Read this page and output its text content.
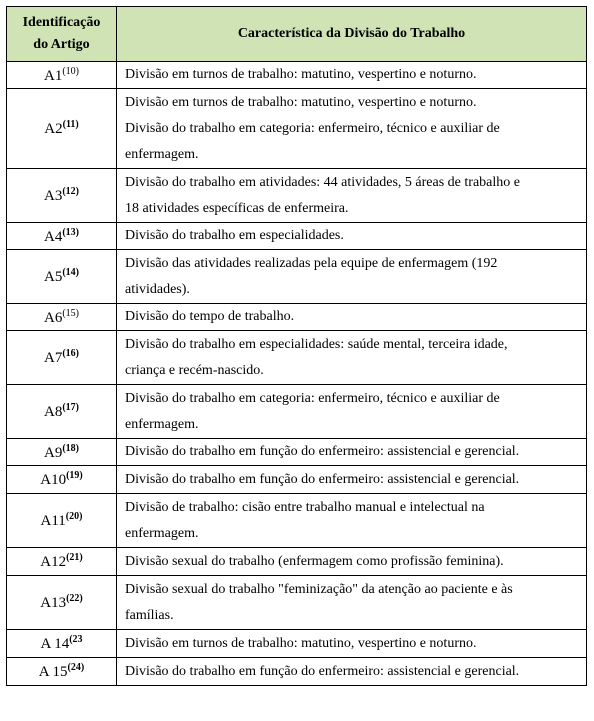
Identificação
do Artigo	Característica da Divisão do Trabalho
A1$^{(10)}$	Divisão em turnos de trabalho: matutino, vespertino e noturno.

A2$^{(11)}$	Divisão em turnos de trabalho: matutino, vespertino e noturno.
Divisão do trabalho em categoria: enfermeiro, técnico e auxiliar de
enfermagem.

A3$^{(12)}$	Divisão do trabalho em atividades: 44 atividades, 5 áreas de trabalho e
18 atividades específicas de enfermeira.

A4$^{(13)}$	Divisão do trabalho em especialidades.

A5$^{(14)}$	Divisão das atividades realizadas pela equipe de enfermagem (192
atividades).

A6$^{(15)}$	Divisão do tempo de trabalho.

A7$^{(16)}$	Divisão do trabalho em especialidades: saúde mental, terceira idade,
criança e recém-nascido.

A8$^{(17)}$	Divisão do trabalho em categoria: enfermeiro, técnico e auxiliar de
enfermagem.

A9$^{(18)}$	Divisão do trabalho em função do enfermeiro: assistencial e gerencial.

A10$^{(19)}$	Divisão do trabalho em função do enfermeiro: assistencial e gerencial.

A11$^{(20)}$	Divisão de trabalho: cisão entre trabalho manual e intelectual na
enfermagem.

A12$^{(21)}$	Divisão sexual do trabalho (enfermagem como profissão feminina).

A13$^{(22)}$	Divisão sexual do trabalho "feminização" da atenção ao paciente e às
famílias.

A 14$^{(23}$	Divisão em turnos de trabalho: matutino, vespertino e noturno.

A 15$^{(24)}$	Divisão do trabalho em função do enfermeiro: assistencial e gerencial.
